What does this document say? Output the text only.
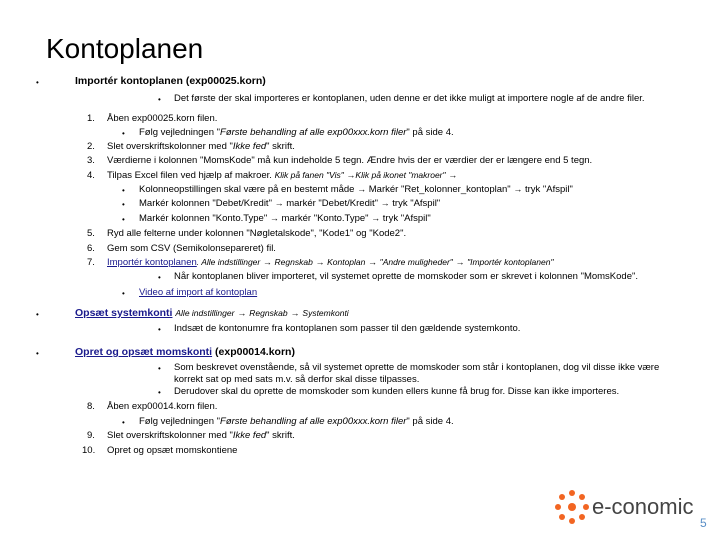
Kontoplanen
•	Importér kontoplanen (exp00025.korn)
• Det første der skal importeres er kontoplanen, uden denne er det ikke muligt at importere nogle af de andre filer.
1. Åben exp00025.korn filen.
• Følg vejledningen "Første behandling af alle exp00xxx.korn filer" på side 4.
2. Slet overskriftskolonner med "Ikke fed" skrift.
3. Værdierne i kolonnen "MomsKode" må kun indeholde 5 tegn. Ændre hvis der er værdier der er længere end 5 tegn.
4. Tilpas Excel filen ved hjælp af makroer. Klik på fanen "Vis" →Klik på ikonet "makroer" →
• Kolonneopstillingen skal være på en bestemt måde → Markér "Ret_kolonner_kontoplan" → tryk "Afspil"
• Markér kolonnen "Debet/Kredit" → markér "Debet/Kredit" → tryk "Afspil"
• Markér kolonnen "Konto.Type" → markér "Konto.Type" → tryk "Afspil"
5. Ryd alle felterne under kolonnen "Nøgletalskode", "Kode1" og "Kode2".
6. Gem som CSV (Semikolonsepareret) fil.
7. Importér kontoplanen. Alle indstillinger → Regnskab → Kontoplan → "Andre muligheder" → "Importér kontoplanen"
• Når kontoplanen bliver importeret, vil systemet oprette de momskoder som er skrevet i kolonnen "MomsKode".
• Video af import af kontoplan
•	Opsæt systemkonti Alle indstillinger → Regnskab → Systemkonti
• Indsæt de kontonumre fra kontoplanen som passer til den gældende systemkonto.
•	Opret og opsæt momskonti (exp00014.korn)
• Som beskrevet ovenstående, så vil systemet oprette de momskoder som står i kontoplanen, dog vil disse ikke være
korrekt sat op med sats m.v. så derfor skal disse tilpasses.
• Derudover skal du oprette de momskoder som kunden ellers kunne få brug for. Disse kan ikke importeres.
8. Åben exp00014.korn filen.
• Følg vejledningen "Første behandling af alle exp00xxx.korn filer" på side 4.
9. Slet overskriftskolonner med "Ikke fed" skrift.
10. Opret og opsæt momskontiene
e-conomic
5
